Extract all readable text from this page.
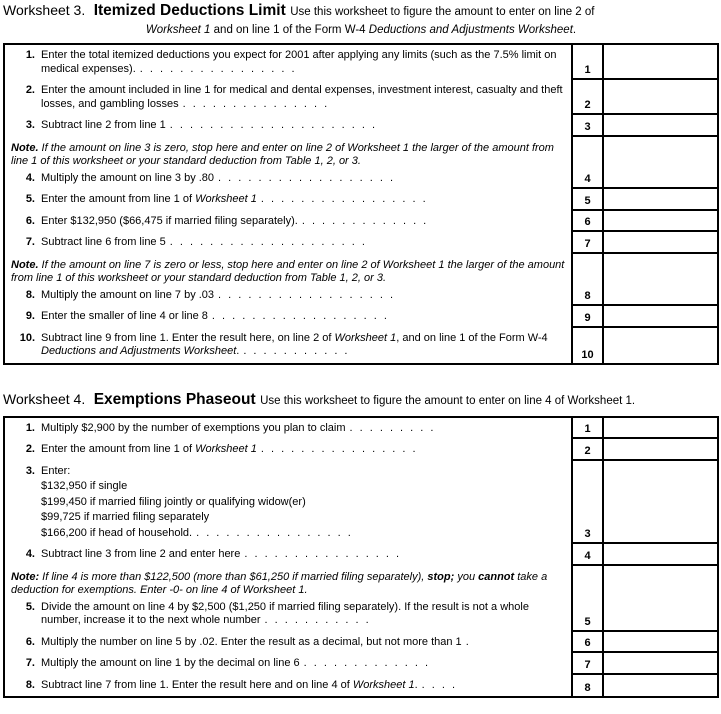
Worksheet 3. Itemized Deductions Limit Use this worksheet to figure the amount to enter on line 2 of
Worksheet 1 and on line 1 of the Form W-4 Deductions and Adjustments Worksheet.
1. Enter the total itemized deductions you expect for 2001 after applying any limits (such as the 7.5% limit on medical expenses). . . . . . . . . . . . . . . . .	1
2. Enter the amount included in line 1 for medical and dental expenses, investment interest, casualty and theft losses, and gambling losses . . . . . . . . . . . . . . .	2
3. Subtract line 2 from line 1 . . . . . . . . . . . . . . . . . . . . .	3
Note. If the amount on line 3 is zero, stop here and enter on line 2 of Worksheet 1 the larger of the amount from line 1 of this worksheet or your standard deduction from Table 1, 2, or 3.
4. Multiply the amount on line 3 by .80 . . . . . . . . . . . . . . . . . .	4
5. Enter the amount from line 1 of Worksheet 1 . . . . . . . . . . . . . . . . .	5
6. Enter $132,950 ($66,475 if married filing separately). . . . . . . . . . . . . .	6
7. Subtract line 6 from line 5 . . . . . . . . . . . . . . . . . . . .	7
Note. If the amount on line 7 is zero or less, stop here and enter on line 2 of Worksheet 1 the larger of the amount from line 1 of this worksheet or your standard deduction from Table 1, 2, or 3.
8. Multiply the amount on line 7 by .03 . . . . . . . . . . . . . . . . . .	8
9. Enter the smaller of line 4 or line 8 . . . . . . . . . . . . . . . . . .	9
10. Subtract line 9 from line 1. Enter the result here, on line 2 of Worksheet 1, and on line 1 of the Form W-4 Deductions and Adjustments Worksheet. . . . . . . . . . . .	10
Worksheet 4. Exemptions Phaseout Use this worksheet to figure the amount to enter on line 4 of Worksheet 1.
1. Multiply $2,900 by the number of exemptions you plan to claim . . . . . . . . .	1
2. Enter the amount from line 1 of Worksheet 1 . . . . . . . . . . . . . . . .	2
3. Enter:
$132,950 if single
$199,450 if married filing jointly or qualifying widow(er)
$99,725 if married filing separately
$166,200 if head of household. . . . . . . . . . . . . . . . .	3
4. Subtract line 3 from line 2 and enter here . . . . . . . . . . . . . . . .	4
Note: If line 4 is more than $122,500 (more than $61,250 if married filing separately), stop; you cannot take a deduction for exemptions. Enter -0- on line 4 of Worksheet 1.
5. Divide the amount on line 4 by $2,500 ($1,250 if married filing separately). If the result is not a whole number, increase it to the next whole number . . . . . . . . . . .	5
6. Multiply the number on line 5 by .02. Enter the result as a decimal, but not more than 1 .	6
7. Multiply the amount on line 1 by the decimal on line 6 . . . . . . . . . . . . .	7
8. Subtract line 7 from line 1. Enter the result here and on line 4 of Worksheet 1. . . . .	8
